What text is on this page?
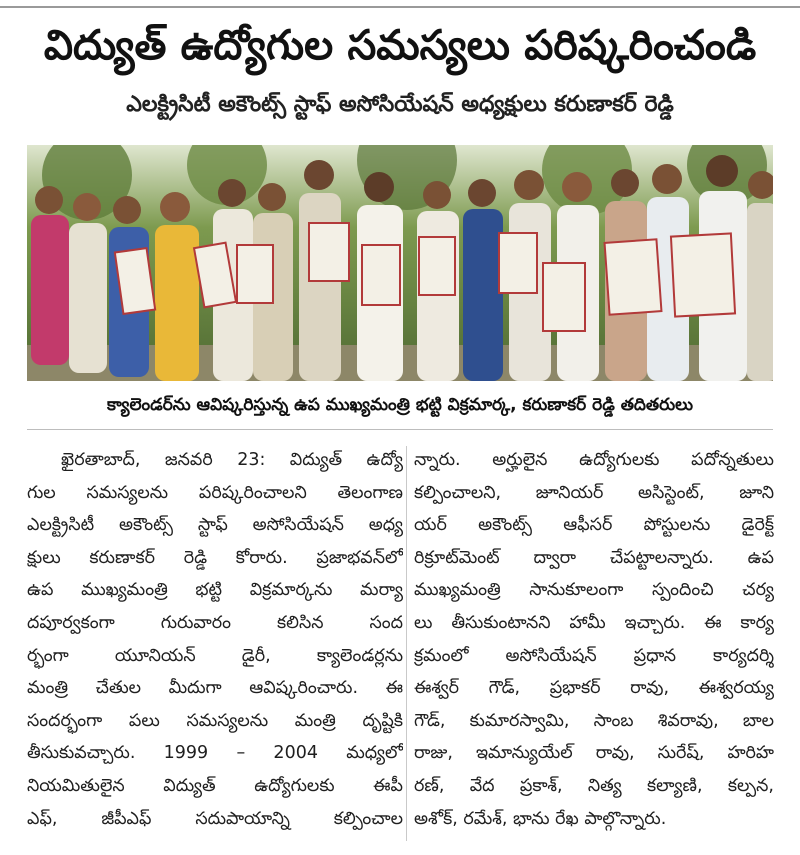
విద్యుత్ ఉద్యోగుల సమస్యలు పరిష్కరించండి
ఎలక్ట్రిసిటీ అకౌంట్స్ స్టాఫ్ అసోసియేషన్ అధ్యక్షులు కరుణాకర్ రెడ్డి

క్యాలెండర్‌ను ఆవిష్కరిస్తున్న ఉప ముఖ్యమంత్రి భట్టి విక్రమార్క, కరుణాకర్ రెడ్డి తదితరులు

ఖైరతాబాద్, జనవరి 23: విద్యుత్ ఉద్యో
గుల సమస్యలను పరిష్కరించాలని తెలంగాణ
ఎలక్ట్రిసిటీ అకౌంట్స్ స్టాఫ్ అసోసియేషన్ అధ్య
క్షులు కరుణాకర్ రెడ్డి కోరారు. ప్రజాభవన్‌లో
ఉప ముఖ్యమంత్రి భట్టి విక్రమార్కను మర్యా
దపూర్వకంగా గురువారం కలిసిన సంద
ర్భంగా యూనియన్ డైరీ, క్యాలెండర్లను
మంత్రి చేతుల మీదుగా ఆవిష్కరించారు. ఈ
సందర్భంగా పలు సమస్యలను మంత్రి దృష్టికి
తీసుకువచ్చారు. 1999 – 2004 మధ్యలో
నియమితులైన విద్యుత్ ఉద్యోగులకు ఈపీ
ఎఫ్, జీపీఎఫ్ సదుపాయాన్ని కల్పించాల
న్నారు. అర్హులైన ఉద్యోగులకు పదోన్నతులు
కల్పించాలని, జూనియర్ అసిస్టెంట్, జూని
యర్ అకౌంట్స్ ఆఫీసర్ పోస్టులను డైరెక్ట్
రిక్రూట్‌మెంట్ ద్వారా చేపట్టాలన్నారు. ఉప
ముఖ్యమంత్రి సానుకూలంగా స్పందించి చర్య
లు తీసుకుంటానని హామీ ఇచ్చారు. ఈ కార్య
క్రమంలో అసోసియేషన్ ప్రధాన కార్యదర్శి
ఈశ్వర్ గౌడ్, ప్రభాకర్ రావు, ఈశ్వరయ్య
గౌడ్, కుమారస్వామి, సాంబ శివరావు, బాల
రాజు, ఇమాన్యుయేల్ రావు, సురేష్, హరిహ
రణ్, వేద ప్రకాశ్, నిత్య కల్యాణి, కల్పన,
అశోక్, రమేశ్, భాను రేఖ పాల్గొన్నారు.
